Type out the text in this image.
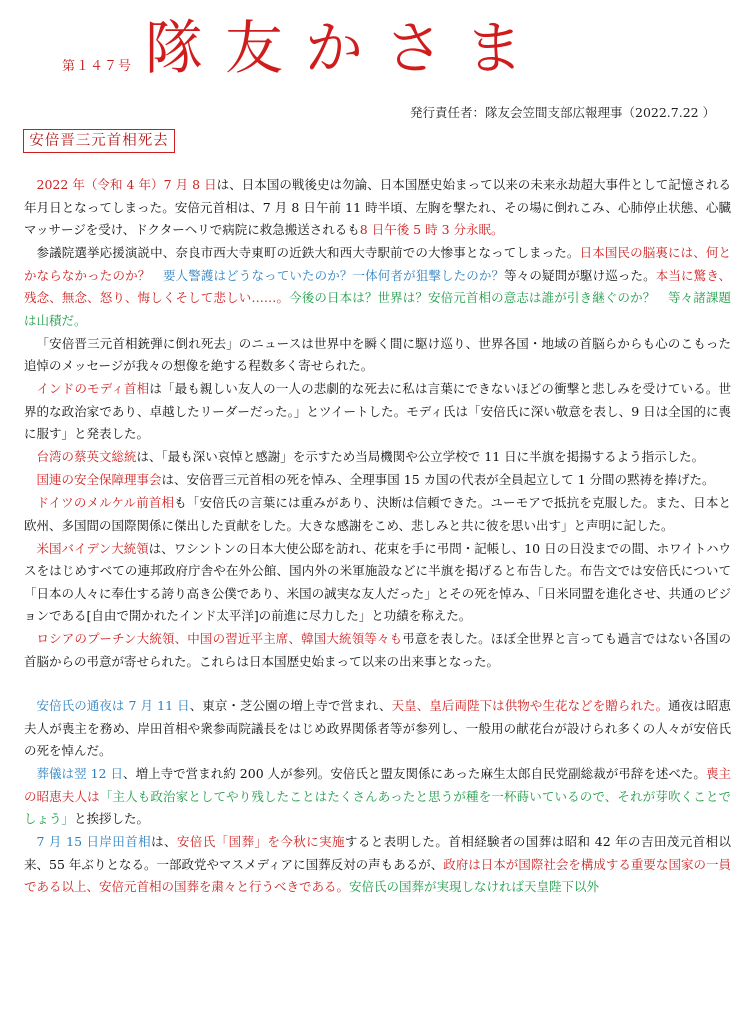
第１４７号 隊友かさま
発行責任者：隊友会笠間支部広報理事（2022.7.22 ）
安倍晋三元首相死去

2022 年（令和 4 年）7 月 8 日は、日本国の戦後史は勿論、日本国歴史始まって以来の未来永劫超大事件として記憶される年月日となってしまった。安倍元首相は、7 月 8 日午前 11 時半頃、左胸を撃たれ、その場に倒れこみ、心肺停止状態、心臓マッサージを受け、ドクターヘリで病院に救急搬送されるも8 日午後 5 時 3 分永眠。

参議院選挙応援演説中、奈良市西大寺東町の近鉄大和西大寺駅前での大惨事となってしまった。日本国民の脳裏には、何とかならなかったのか？　要人警護はどうなっていたのか？一体何者が狙撃したのか？等々の疑問が駆け巡った。本当に驚き、残念、無念、怒り、悔しくそして悲しい……。今後の日本は？世界は？安倍元首相の意志は誰が引き継ぐのか？　等々諸課題は山積だ。

「安倍晋三元首相銃弾に倒れ死去」のニュースは世界中を瞬く間に駆け巡り、世界各国・地域の首脳らからも心のこもった追悼のメッセージが我々の想像を絶する程数多く寄せられた。

インドのモディ首相は「最も親しい友人の一人の悲劇的な死去に私は言葉にできないほどの衝撃と悲しみを受けている。世界的な政治家であり、卓越したリーダーだった。」とツイートした。モディ氏は「安倍氏に深い敬意を表し、9 日は全国的に喪に服す」と発表した。

台湾の蔡英文総統は、「最も深い哀悼と感謝」を示すため当局機関や公立学校で 11 日に半旗を掲揚するよう指示した。

国連の安全保障理事会は、安倍晋三元首相の死を悼み、全理事国 15 カ国の代表が全員起立して 1 分間の黙祷を捧げた。

ドイツのメルケル前首相も「安倍氏の言葉には重みがあり、決断は信頼できた。ユーモアで抵抗を克服した。また、日本と欧州、多国間の国際関係に傑出した貢献をした。大きな感謝をこめ、悲しみと共に彼を思い出す」と声明に記した。

米国バイデン大統領は、ワシントンの日本大使公邸を訪れ、花束を手に弔問・記帳し、10 日の日没までの間、ホワイトハウスをはじめすべての連邦政府庁舎や在外公館、国内外の米軍施設などに半旗を掲げると布告した。布告文では安倍氏について「日本の人々に奉仕する誇り高き公僕であり、米国の誠実な友人だった」とその死を悼み、「日米同盟を進化させ、共通のビジョンである[自由で開かれたインド太平洋]の前進に尽力した」と功績を称えた。

ロシアのプーチン大統領、中国の習近平主席、韓国大統領等々も弔意を表した。ほぼ全世界と言っても過言ではない各国の首脳からの弔意が寄せられた。これらは日本国歴史始まって以来の出来事となった。

安倍氏の通夜は 7 月 11 日、東京・芝公園の増上寺で営まれ、天皇、皇后両陛下は供物や生花などを贈られた。通夜は昭恵夫人が喪主を務め、岸田首相や衆参両院議長をはじめ政界関係者等が参列し、一般用の献花台が設けられ多くの人々が安倍氏の死を悼んだ。

葬儀は翌 12 日、増上寺で営まれ約 200 人が参列。安倍氏と盟友関係にあった麻生太郎自民党副総裁が弔辞を述べた。喪主の昭恵夫人は「主人も政治家としてやり残したことはたくさんあったと思うが種を一杯蒔いているので、それが芽吹くことでしょう」と挨拶した。

7 月 15 日岸田首相は、安倍氏「国葬」を今秋に実施すると表明した。首相経験者の国葬は昭和 42 年の吉田茂元首相以来、55 年ぶりとなる。一部政党やマスメディアに国葬反対の声もあるが、政府は日本が国際社会を構成する重要な国家の一員である以上、安倍元首相の国葬を粛々と行うべきである。安倍氏の国葬が実現しなければ天皇陛下以外
